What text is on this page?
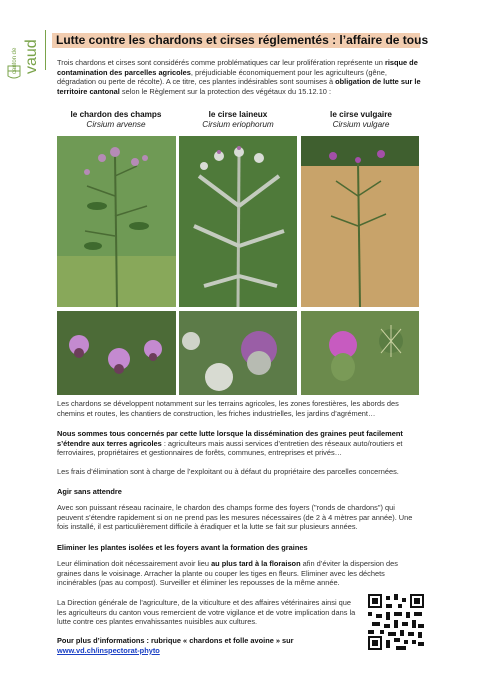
canton de vaud Lutte contre les chardons et cirses réglementés : l’affaire de tous
Trois chardons et cirses sont considérés comme problématiques car leur prolifération représente un risque de contamination des parcelles agricoles, préjudiciable économiquement pour les agriculteurs (gêne, dégradation ou perte de récolte). A ce titre, ces plantes indésirables sont soumises à obligation de lutte sur le territoire cantonal selon le Règlement sur la protection des végétaux du 15.12.10 :
le chardon des champs
Cirsium arvense
le cirse laineux
Cirsium eriophorum
le cirse vulgaire
Cirsium vulgare
Les chardons se développent notamment sur les terrains agricoles, les zones forestières, les abords des chemins et routes, les chantiers de construction, les friches industrielles, les jardins d’agrément…
Nous sommes tous concernés par cette lutte lorsque la dissémination des graines peut facilement s’étendre aux terres agricoles : agriculteurs mais aussi services d’entretien des réseaux auto/routiers et ferroviaires, propriétaires et gestionnaires de forêts, communes, entreprises et privés…
Les frais d’élimination sont à charge de l’exploitant ou à défaut du propriétaire des parcelles concernées.
Agir sans attendre
Avec son puissant réseau racinaire, le chardon des champs forme des foyers ("ronds de chardons") qui peuvent s’étendre rapidement si on ne prend pas les mesures nécessaires (de 2 à 4 mètres par année). Une fois installé, il est particulièrement difficile à éradiquer et la lutte se fait sur plusieurs années.
Eliminer les plantes isolées et les foyers avant la formation des graines
Leur élimination doit nécessairement avoir lieu au plus tard à la floraison afin d’éviter la dispersion des graines dans le voisinage. Arracher la plante ou couper les tiges en fleurs. Eliminer avec les déchets incinérables (pas au compost). Surveiller et éliminer les repousses de la même année.
La Direction générale de l’agriculture, de la viticulture et des affaires vétérinaires ainsi que les agriculteurs du canton vous remercient de votre vigilance et de votre implication dans la lutte contre ces plantes envahissantes nuisibles aux cultures.
Pour plus d’informations : rubrique « chardons et folle avoine » sur
www.vd.ch/inspectorat-phyto
